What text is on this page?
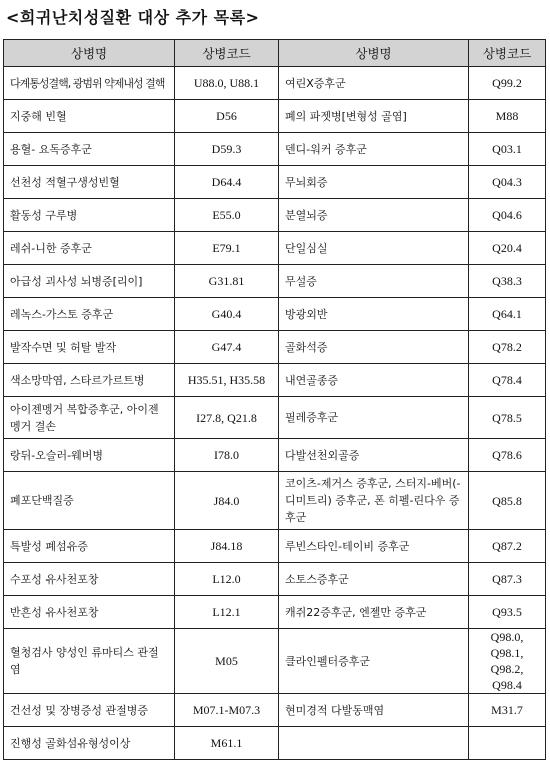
<희귀난치성질환 대상 추가 목록>
상병명	상병코드	상병명	상병코드
다계통성결핵, 광범위 약제내성 결핵	U88.0, U88.1	여린X증후군	Q99.2
지중해 빈혈	D56	폐의 파젯병[변형성 골염]	M88
용혈- 요독증후군	D59.3	덴디-워커 증후군	Q03.1
선천성 적혈구생성빈혈	D64.4	무뇌회증	Q04.3
활동성 구루병	E55.0	분열뇌증	Q04.6
레쉬-니한 증후군	E79.1	단일심실	Q20.4
아급성 괴사성 뇌병증[리이]	G31.81	무설증	Q38.3
레녹스-가스토 증후군	G40.4	방광외반	Q64.1
발작수면 및 허탈 발작	G47.4	골화석증	Q78.2
색소망막염, 스타르가르트병	H35.51, H35.58	내연골종증	Q78.4
아이젠멩거 복합증후군, 아이젠멩거 결손	I27.8, Q21.8	필레증후군	Q78.5
랑뒤-오슬러-웨버병	I78.0	다발선천외골증	Q78.6
폐포단백질증	J84.0	코이츠-제거스 증후군, 스터지-베버(-디미트리) 증후군, 폰 히펠-린다우 증후군	Q85.8
특발성 폐섬유증	J84.18	루빈스타인-테이비 증후군	Q87.2
수포성 유사천포창	L12.0	소토스증후군	Q87.3
반흔성 유사천포창	L12.1	캐쥐22증후군, 엔젤만 증후군	Q93.5
혈청검사 양성인 류마티스 관절염	M05	클라인펠터증후군	Q98.0, Q98.1, Q98.2, Q98.4
건선성 및 장병증성 관절병증	M07.1-M07.3	현미경적 다발동맥염	M31.7
진행성 골화섬유형성이상	M61.1		
